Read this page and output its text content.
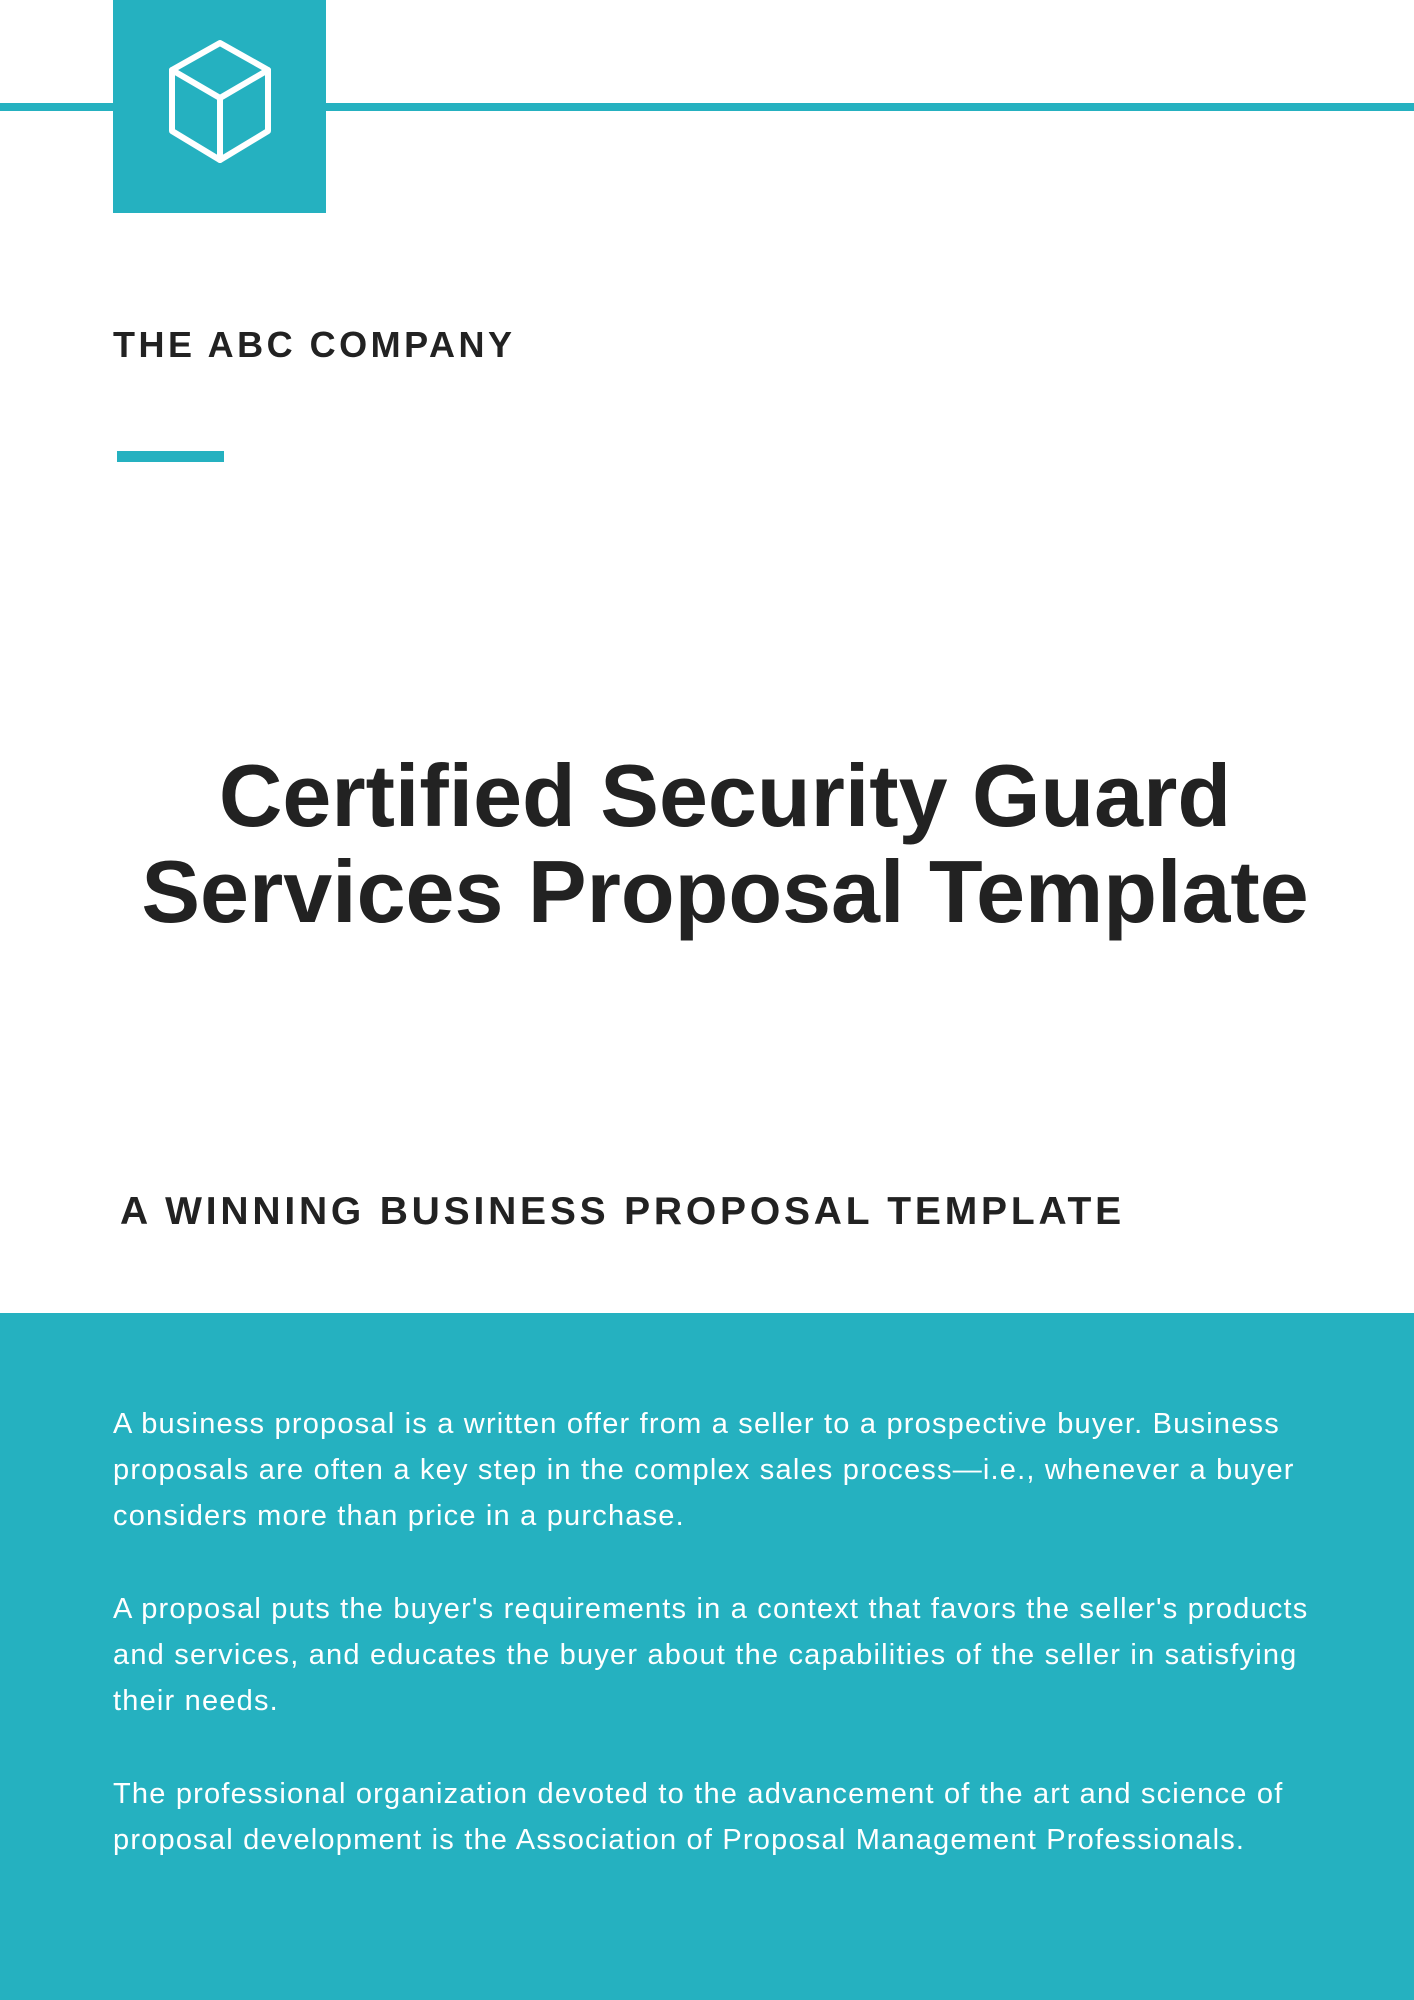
THE ABC COMPANY
Certified Security Guard
Services Proposal Template
A WINNING BUSINESS PROPOSAL TEMPLATE

A business proposal is a written offer from a seller to a prospective buyer. Business proposals are often a key step in the complex sales process—i.e., whenever a buyer considers more than price in a purchase.

A proposal puts the buyer's requirements in a context that favors the seller's products and services, and educates the buyer about the capabilities of the seller in satisfying their needs.

The professional organization devoted to the advancement of the art and science of proposal development is the Association of Proposal Management Professionals.
